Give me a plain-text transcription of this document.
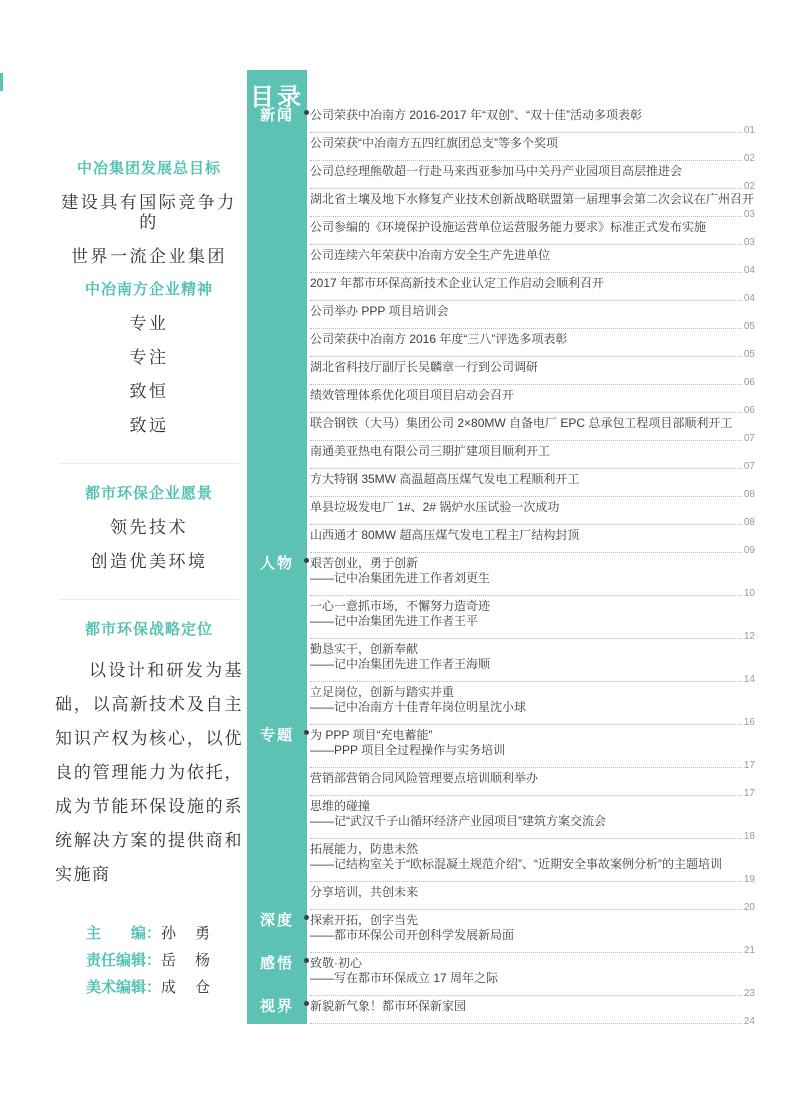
中冶集团发展总目标
建设具有国际竞争力的
世界一流企业集团
中冶南方企业精神
专业
专注
致恒
致远
都市环保企业愿景
领先技术
创造优美环境
都市环保战略定位
以设计和研发为基础，以高新技术及自主知识产权为核心，以优良的管理能力为依托，成为节能环保设施的系统解决方案的提供商和实施商
主　　编：孙　勇
责任编辑：岳　杨
美术编辑：成　仓
目录
新闻	公司荣获中冶南方 2016-2017 年“双创”、“双十佳”活动多项表彰
01
公司荣获“中冶南方五四红旗团总支”等多个奖项
02
公司总经理熊敬超一行赴马来西亚参加马中关丹产业园项目高层推进会
02
湖北省土壤及地下水修复产业技术创新战略联盟第一届理事会第二次会议在广州召开
03
公司参编的《环境保护设施运营单位运营服务能力要求》标准正式发布实施
03
公司连续六年荣获中冶南方安全生产先进单位
04
2017 年都市环保高新技术企业认定工作启动会顺利召开
04
公司举办 PPP 项目培训会
05
公司荣获中冶南方 2016 年度“三八”评选多项表彰
05
湖北省科技厅副厅长吴麟章一行到公司调研
06
绩效管理体系优化项目项目启动会召开
06
联合钢铁（大马）集团公司 2×80MW 自备电厂 EPC 总承包工程项目部顺利开工
07
南通美亚热电有限公司三期扩建项目顺利开工
07
方大特钢 35MW 高温超高压煤气发电工程顺利开工
08
单县垃圾发电厂 1#、2# 锅炉水压试验一次成功
08
山西通才 80MW 超高压煤气发电工程主厂结构封顶
09
人物	艰苦创业，勇于创新
——记中冶集团先进工作者刘更生
10
一心一意抓市场，不懈努力造奇迹
——记中冶集团先进工作者王平
12
勤恳实干，创新奉献
——记中冶集团先进工作者王海顺
14
立足岗位，创新与踏实并重
——记中冶南方十佳青年岗位明星沈小球
16
专题	为 PPP 项目“充电蓄能”
——PPP 项目全过程操作与实务培训
17
营销部营销合同风险管理要点培训顺利举办
17
思维的碰撞
——记“武汉千子山循环经济产业园项目”建筑方案交流会
18
拓展能力，防患未然
——记结构室关于“欧标混凝土规范介绍”、“近期安全事故案例分析”的主题培训
19
分享培训，共创未来
20
深度	探索开拓，创字当先
——都市环保公司开创科学发展新局面
21
感悟	致敬·初心
——写在都市环保成立 17 周年之际
23
视界	新貌新气象！都市环保新家园
24
